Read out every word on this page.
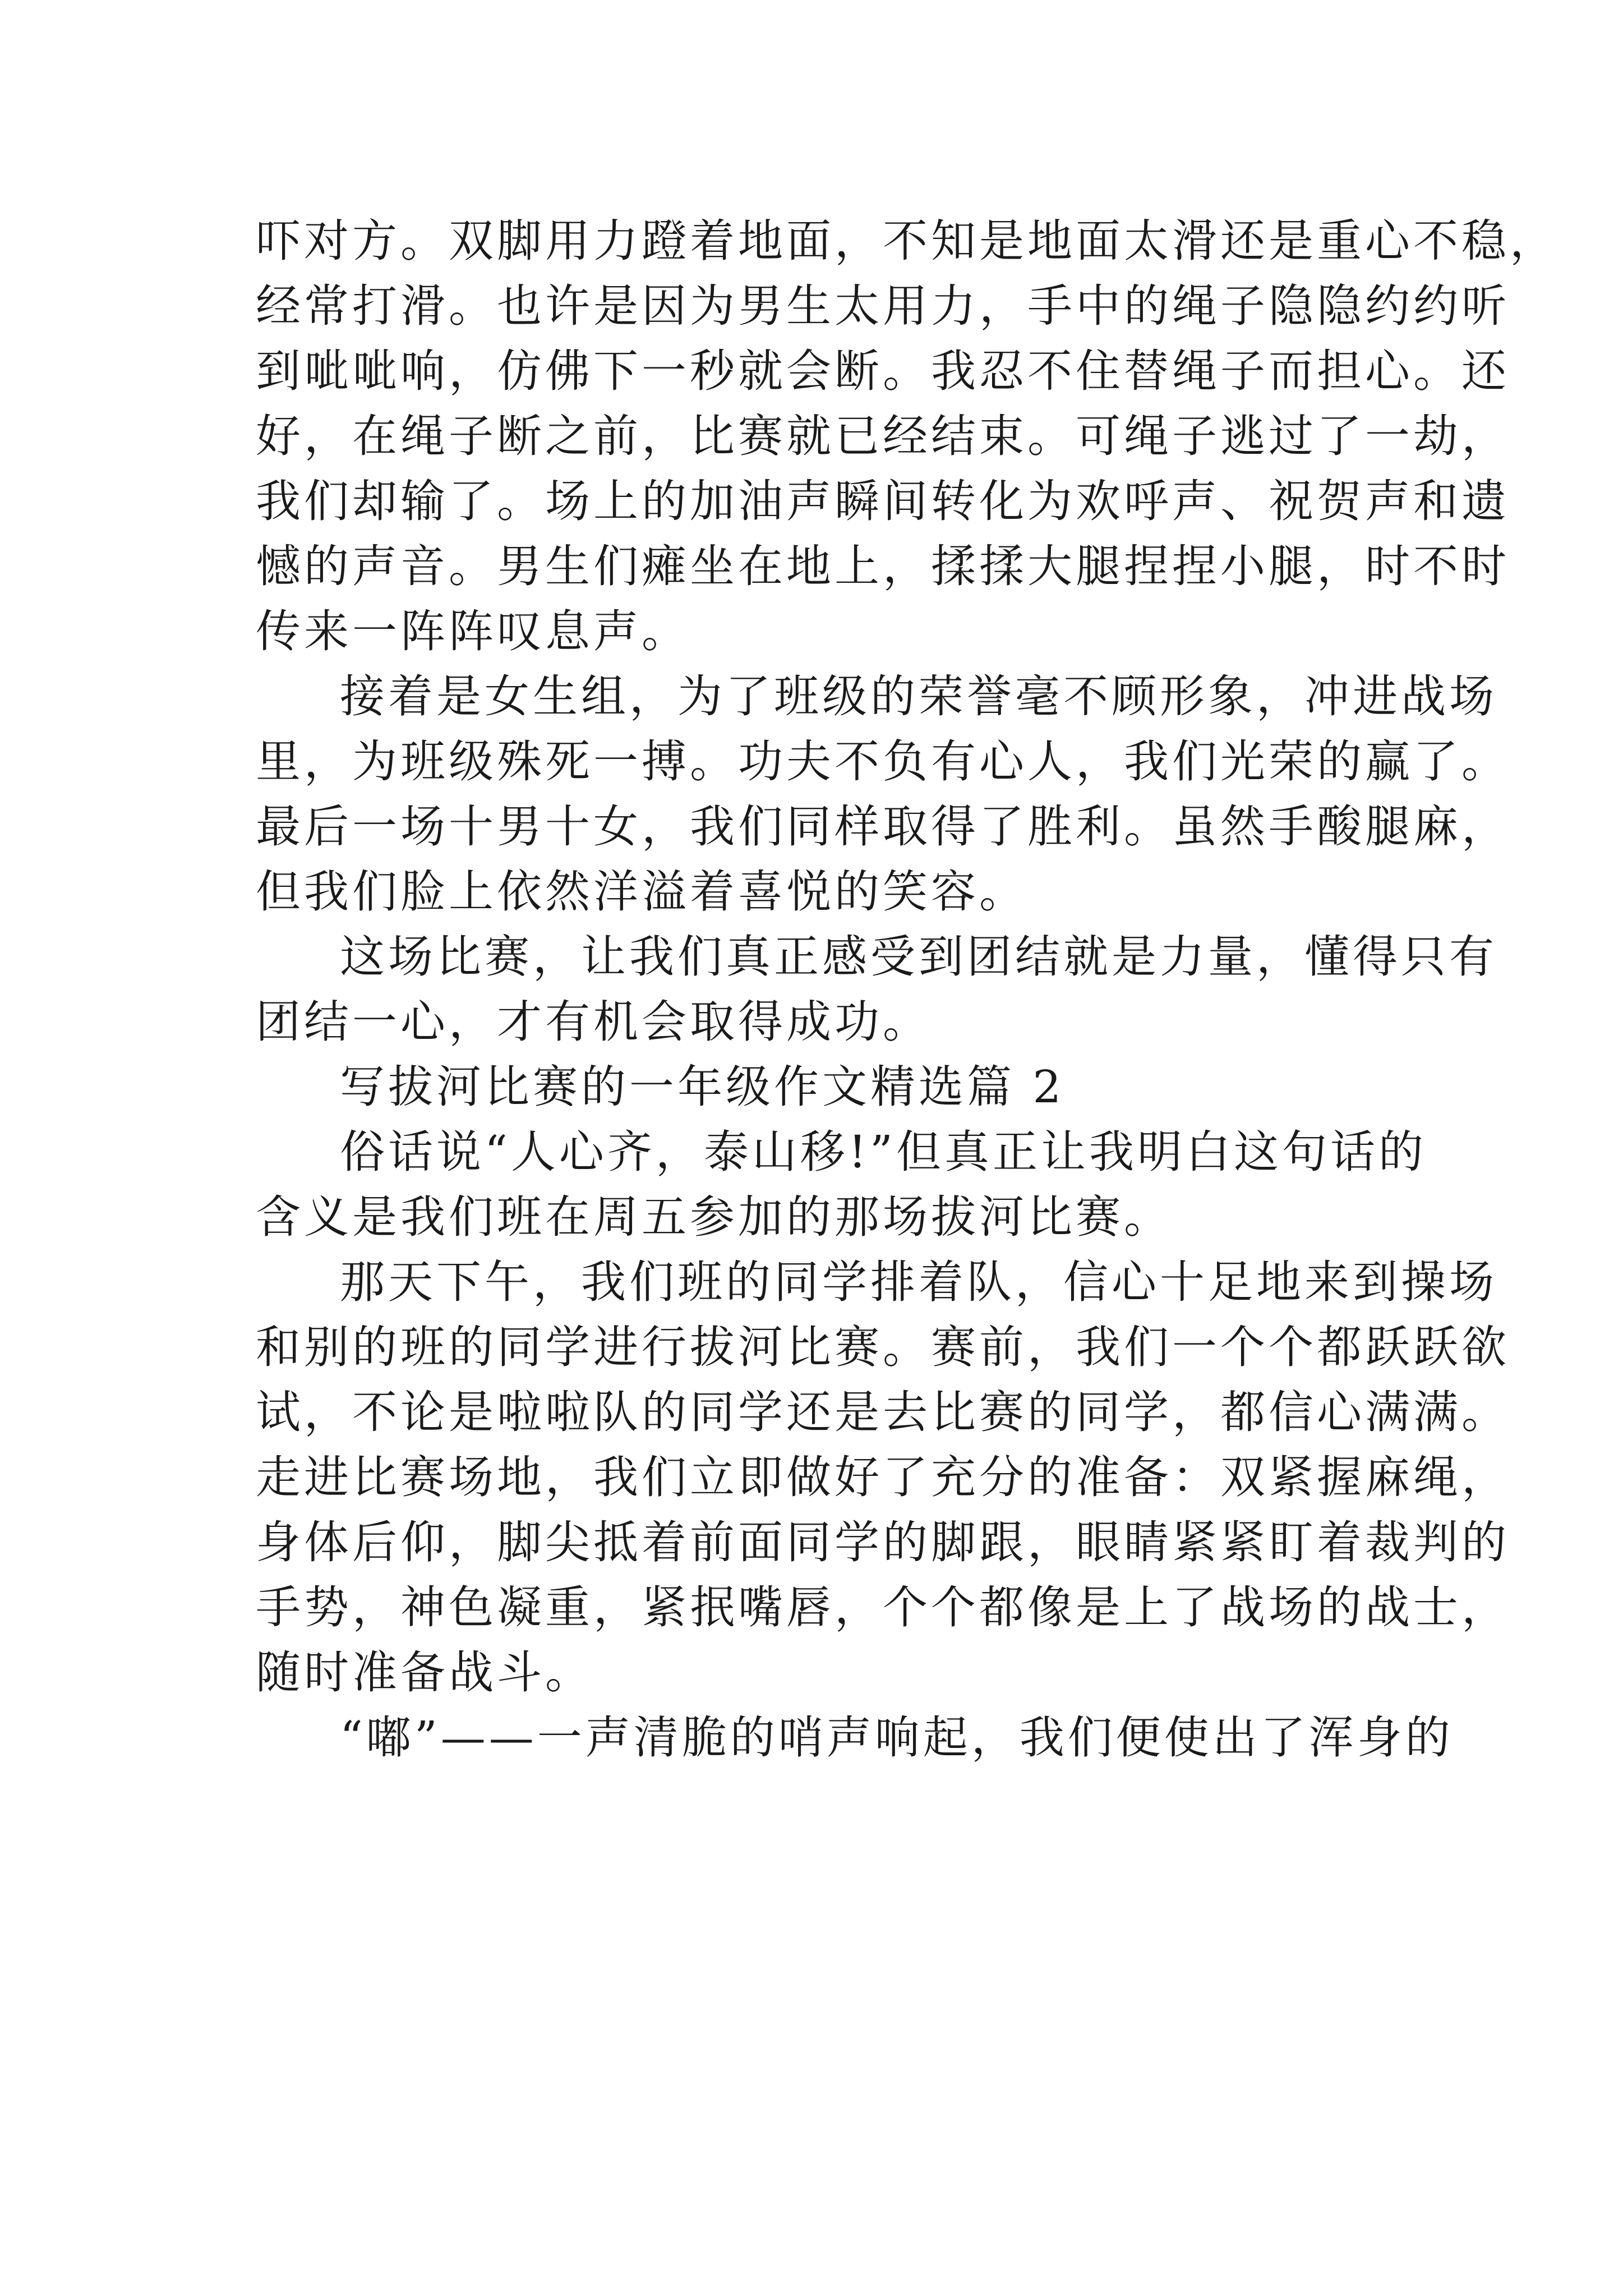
吓对方。双脚用力蹬着地面，不知是地面太滑还是重心不稳，
经常打滑。也许是因为男生太用力，手中的绳子隐隐约约听
到呲呲响，仿佛下一秒就会断。我忍不住替绳子而担心。还
好，在绳子断之前，比赛就已经结束。可绳子逃过了一劫，
我们却输了。场上的加油声瞬间转化为欢呼声、祝贺声和遗
憾的声音。男生们瘫坐在地上，揉揉大腿捏捏小腿，时不时
传来一阵阵叹息声。
接着是女生组，为了班级的荣誉毫不顾形象，冲进战场
里，为班级殊死一搏。功夫不负有心人，我们光荣的赢了。
最后一场十男十女，我们同样取得了胜利。虽然手酸腿麻，
但我们脸上依然洋溢着喜悦的笑容。
这场比赛，让我们真正感受到团结就是力量，懂得只有
团结一心，才有机会取得成功。
写拔河比赛的一年级作文精选篇 2
俗话说“人心齐，泰山移!”但真正让我明白这句话的
含义是我们班在周五参加的那场拔河比赛。
那天下午，我们班的同学排着队，信心十足地来到操场
和别的班的同学进行拔河比赛。赛前，我们一个个都跃跃欲
试，不论是啦啦队的同学还是去比赛的同学，都信心满满。
走进比赛场地，我们立即做好了充分的准备：双紧握麻绳，
身体后仰，脚尖抵着前面同学的脚跟，眼睛紧紧盯着裁判的
手势，神色凝重，紧抿嘴唇，个个都像是上了战场的战士，
随时准备战斗。
“嘟”——一声清脆的哨声响起，我们便使出了浑身的
